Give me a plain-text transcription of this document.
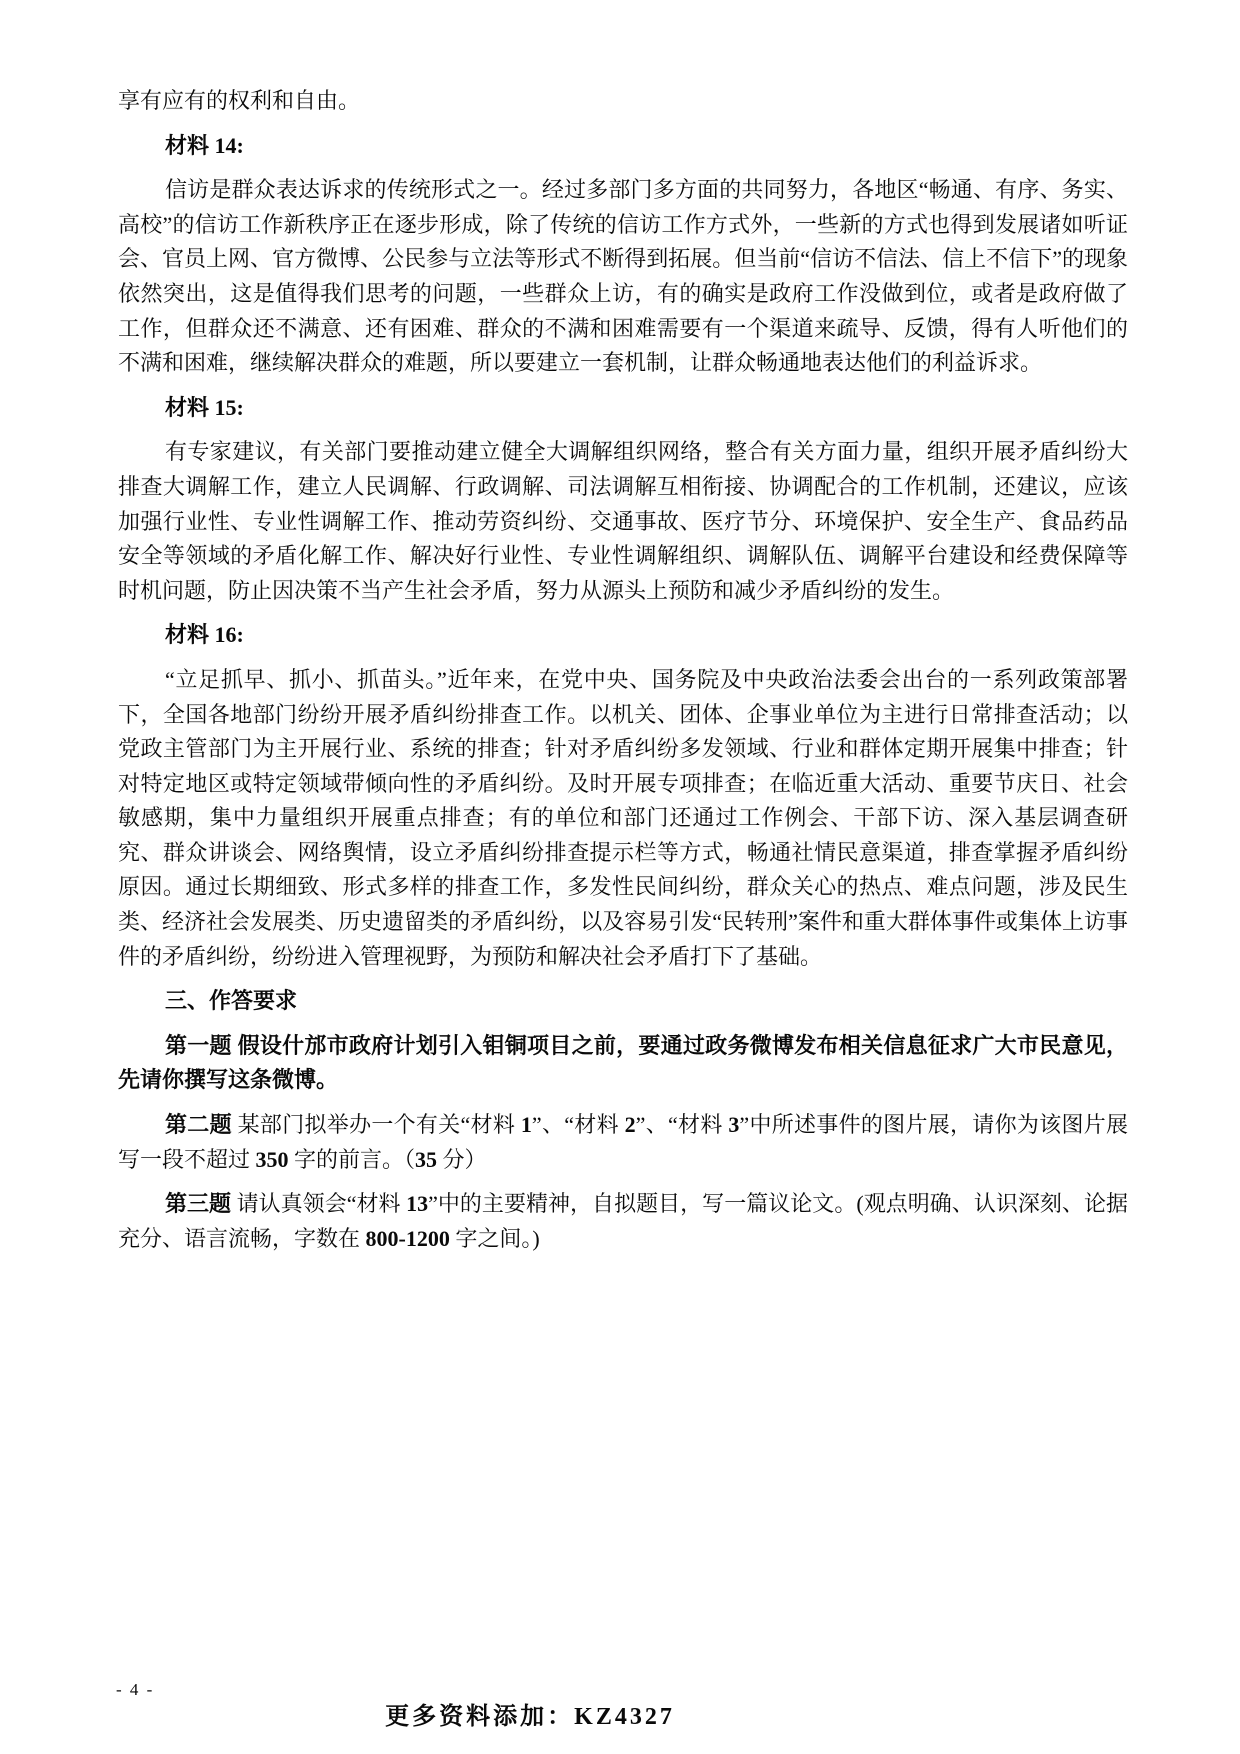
享有应有的权利和自由。

材料 14:

信访是群众表达诉求的传统形式之一。经过多部门多方面的共同努力，各地区“畅通、有序、务实、高校”的信访工作新秩序正在逐步形成，除了传统的信访工作方式外，一些新的方式也得到发展诸如听证会、官员上网、官方微博、公民参与立法等形式不断得到拓展。但当前“信访不信法、信上不信下”的现象依然突出，这是值得我们思考的问题，一些群众上访，有的确实是政府工作没做到位，或者是政府做了工作，但群众还不满意、还有困难、群众的不满和困难需要有一个渠道来疏导、反馈，得有人听他们的不满和困难，继续解决群众的难题，所以要建立一套机制，让群众畅通地表达他们的利益诉求。

材料 15:

有专家建议，有关部门要推动建立健全大调解组织网络，整合有关方面力量，组织开展矛盾纠纷大排查大调解工作，建立人民调解、行政调解、司法调解互相衔接、协调配合的工作机制，还建议，应该加强行业性、专业性调解工作、推动劳资纠纷、交通事故、医疗节分、环境保护、安全生产、食品药品安全等领域的矛盾化解工作、解决好行业性、专业性调解组织、调解队伍、调解平台建设和经费保障等时机问题，防止因决策不当产生社会矛盾，努力从源头上预防和减少矛盾纠纷的发生。

材料 16:

“立足抓早、抓小、抓苗头。”近年来，在党中央、国务院及中央政治法委会出台的一系列政策部署下，全国各地部门纷纷开展矛盾纠纷排查工作。以机关、团体、企事业单位为主进行日常排查活动；以党政主管部门为主开展行业、系统的排查；针对矛盾纠纷多发领域、行业和群体定期开展集中排查；针对特定地区或特定领域带倾向性的矛盾纠纷。及时开展专项排查；在临近重大活动、重要节庆日、社会敏感期，集中力量组织开展重点排查；有的单位和部门还通过工作例会、干部下访、深入基层调查研究、群众讲谈会、网络舆情，设立矛盾纠纷排查提示栏等方式，畅通社情民意渠道，排查掌握矛盾纠纷原因。通过长期细致、形式多样的排查工作，多发性民间纠纷，群众关心的热点、难点问题，涉及民生类、经济社会发展类、历史遗留类的矛盾纠纷，以及容易引发“民转刑”案件和重大群体事件或集体上访事件的矛盾纠纷，纷纷进入管理视野，为预防和解决社会矛盾打下了基础。

三、作答要求

第一题 假设什邡市政府计划引入钼铜项目之前，要通过政务微博发布相关信息征求广大市民意见，先请你撰写这条微博。

第二题 某部门拟举办一个有关“材料 1”、“材料 2”、“材料 3”中所述事件的图片展，请你为该图片展写一段不超过 350 字的前言。（35 分）

第三题 请认真领会“材料 13”中的主要精神，自拟题目，写一篇议论文。(观点明确、认识深刻、论据充分、语言流畅，字数在 800-1200 字之间。)

- 4 -
更多资料添加：KZ4327
